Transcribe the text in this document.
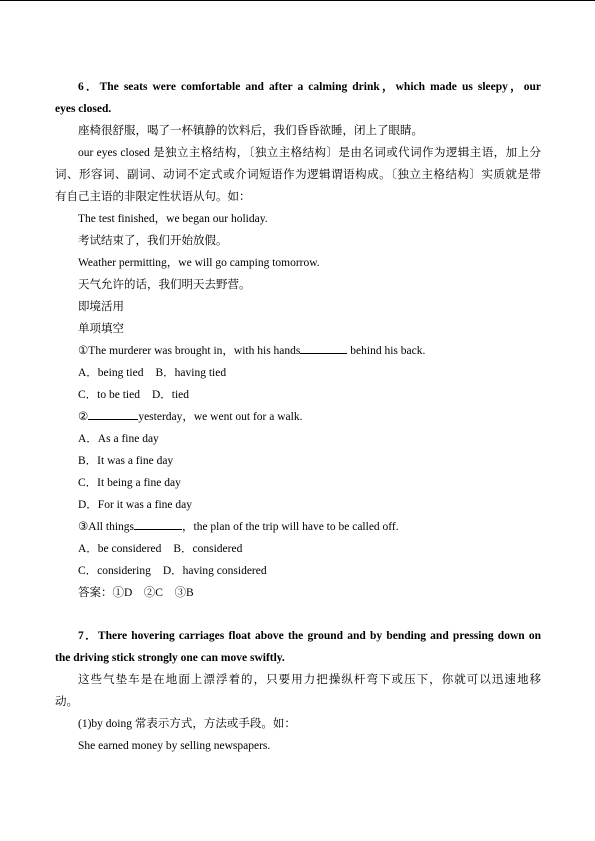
6．The seats were comfortable and after a calming drink，which made us sleepy，our

eyes closed.

座椅很舒服，喝了一杯镇静的饮料后，我们昏昏欲睡，闭上了眼睛。

our eyes closed 是独立主格结构，〔独立主格结构〕是由名词或代词作为逻辑主语，加上分

词、形容词、副词、动词不定式或介词短语作为逻辑谓语构成。〔独立主格结构〕实质就是带

有自己主语的非限定性状语从句。如：

The test finished，we began our holiday.

考试结束了，我们开始放假。

Weather permitting，we will go camping tomorrow.

天气允许的话，我们明天去野营。

即境活用

单项填空

①The murderer was brought in，with his hands	behind his back.

A．being tied B．having tied

C．to be tied D．tied

②	yesterday，we went out for a walk.

A．As a fine day

B．It was a fine day

C．It being a fine day

D．For it was a fine day

③All things	，the plan of the trip will have to be called off.

A．be considered B．considered

C．considering D．having considered

答案：①D　②C　③B

7．There hovering carriages float above the ground and by bending and pressing down on

the driving stick strongly one can move swiftly.

这些气垫车是在地面上漂浮着的，只要用力把操纵杆弯下或压下，你就可以迅速地移

动。

(1)by doing 常表示方式，方法或手段。如：

She earned money by selling newspapers.
